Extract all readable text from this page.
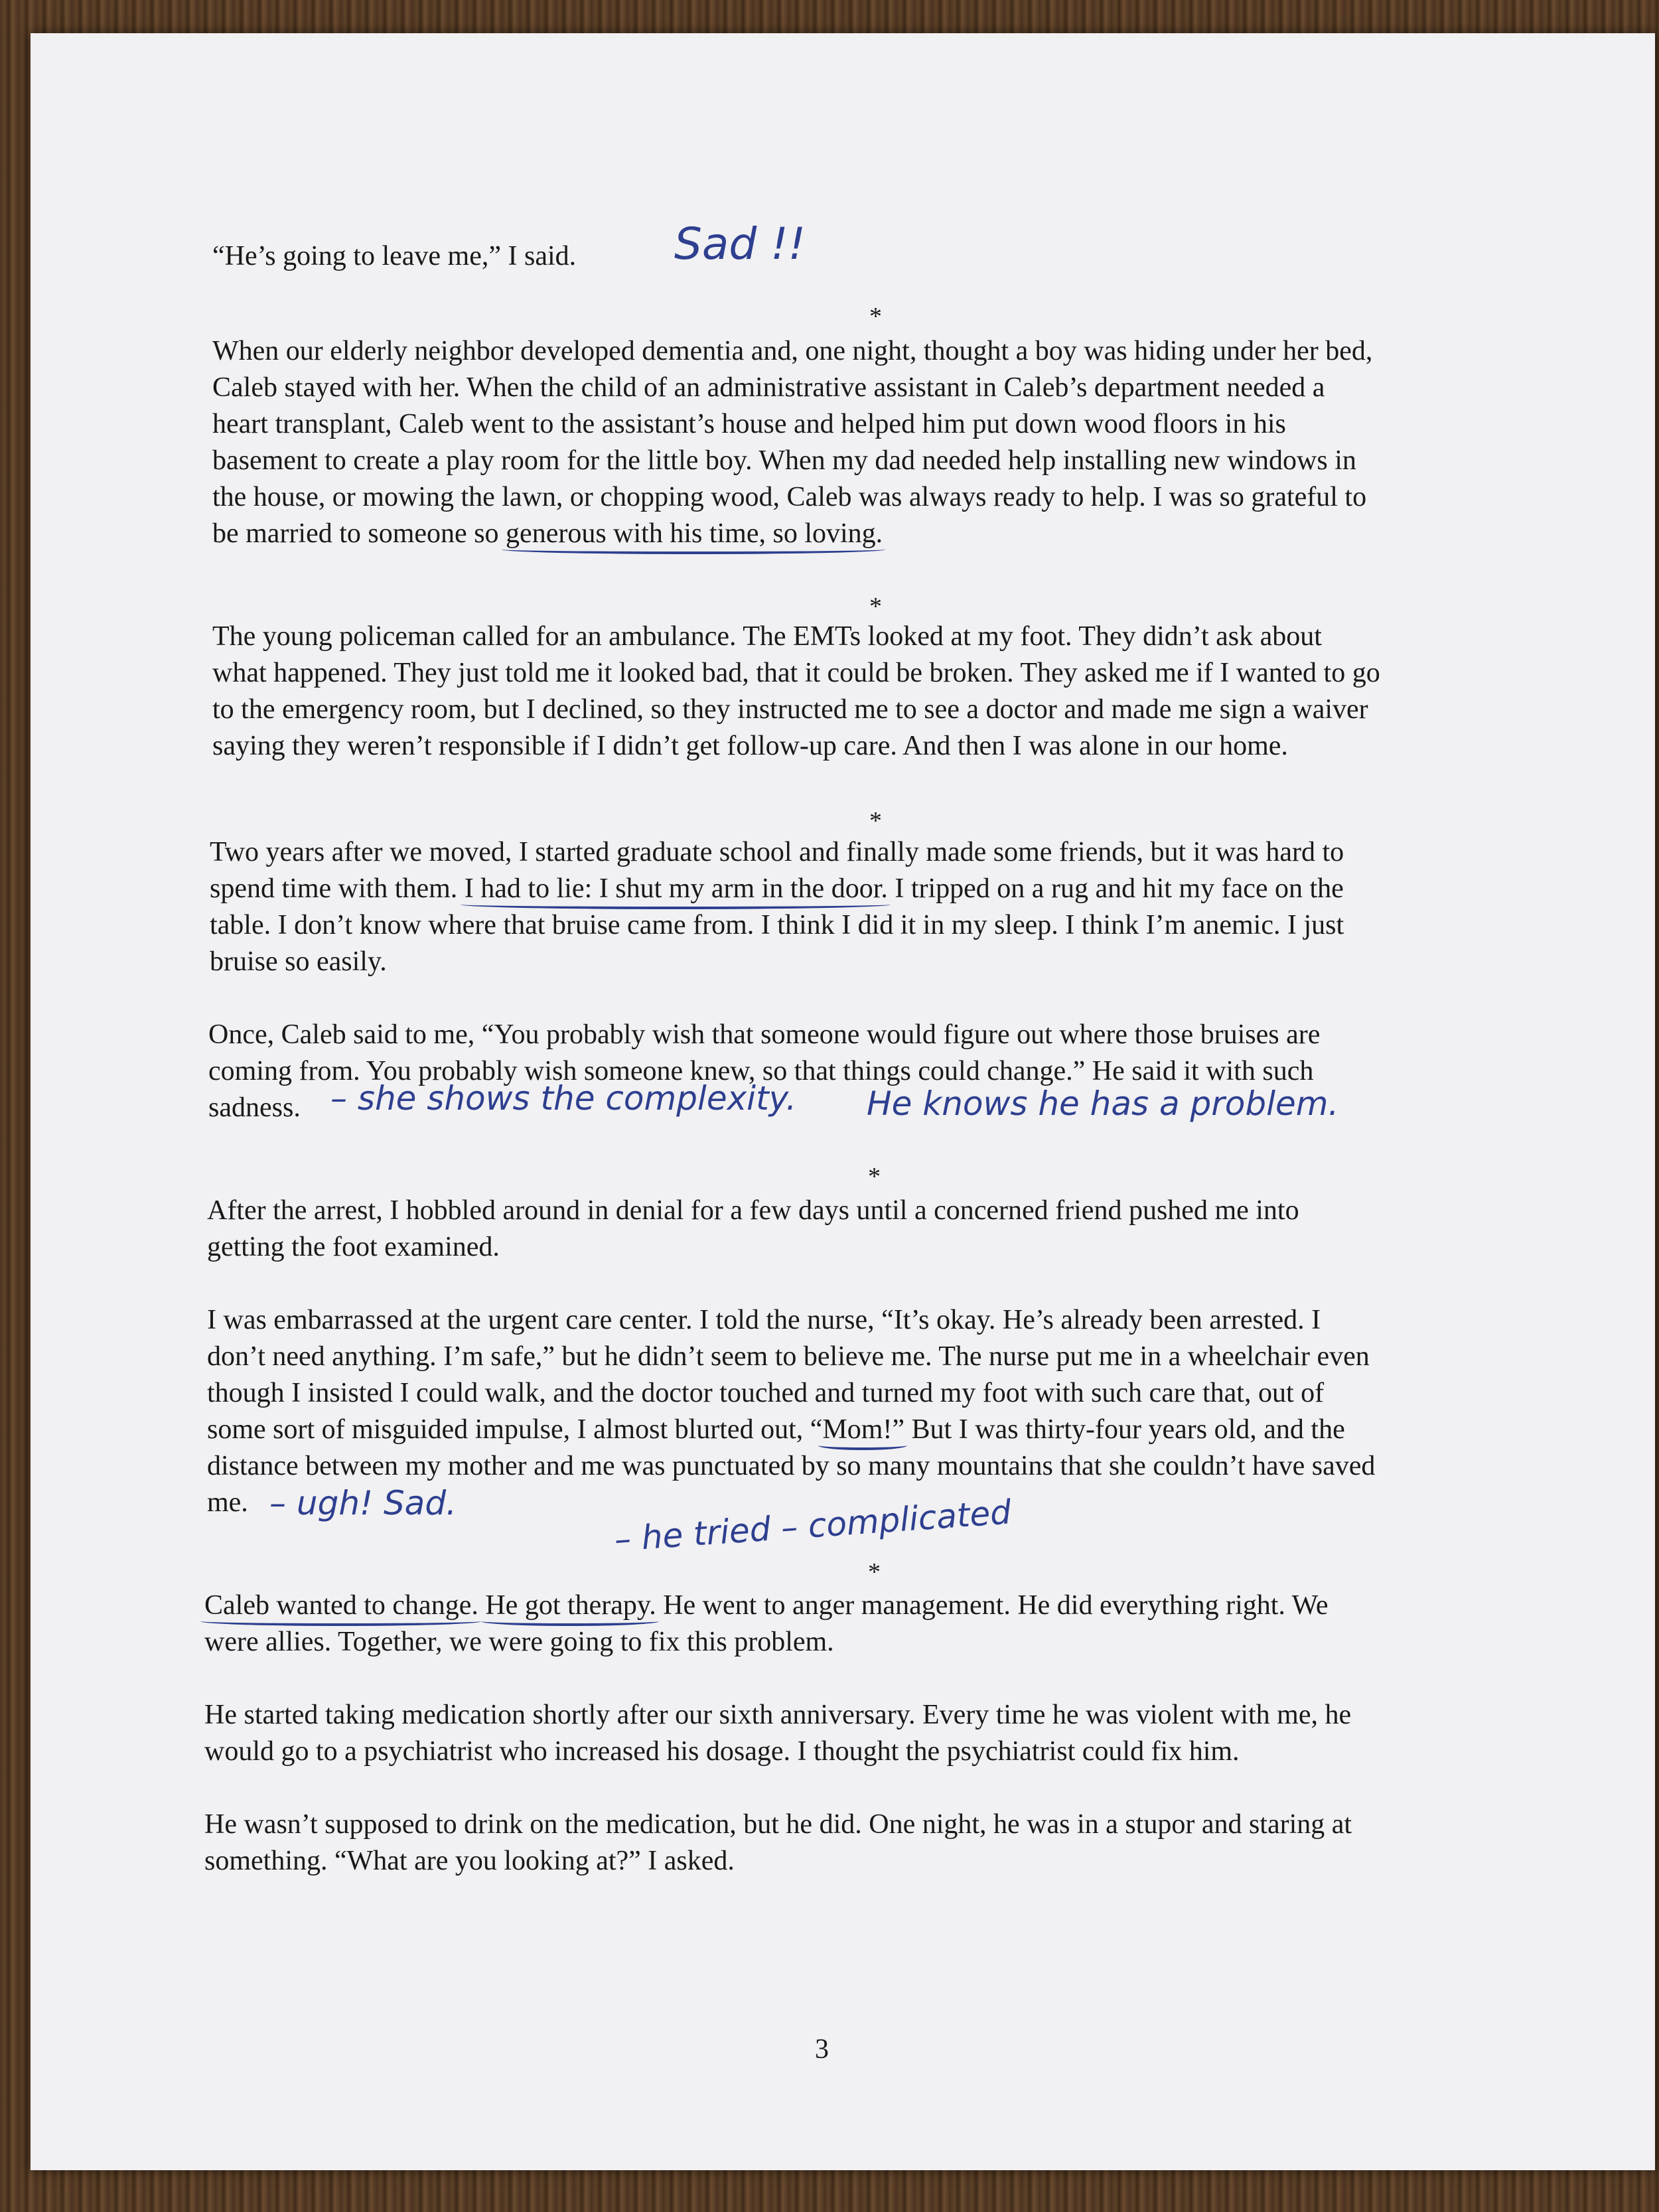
“He’s going to leave me,” I said. Sad !!

*

When our elderly neighbor developed dementia and, one night, thought a boy was hiding under her bed,

Caleb stayed with her. When the child of an administrative assistant in Caleb’s department needed a

heart transplant, Caleb went to the assistant’s house and helped him put down wood floors in his

basement to create a play room for the little boy. When my dad needed help installing new windows in

the house, or mowing the lawn, or chopping wood, Caleb was always ready to help. I was so grateful to

be married to someone so generous with his time, so loving.

*

The young policeman called for an ambulance. The EMTs looked at my foot. They didn’t ask about

what happened. They just told me it looked bad, that it could be broken. They asked me if I wanted to go

to the emergency room, but I declined, so they instructed me to see a doctor and made me sign a waiver

saying they weren’t responsible if I didn’t get follow-up care. And then I was alone in our home.

*

Two years after we moved, I started graduate school and finally made some friends, but it was hard to

spend time with them. I had to lie: I shut my arm in the door. I tripped on a rug and hit my face on the

table. I don’t know where that bruise came from. I think I did it in my sleep. I think I’m anemic. I just

bruise so easily.

Once, Caleb said to me, “You probably wish that someone would figure out where those bruises are

coming from. You probably wish someone knew, so that things could change.” He said it with such

sadness. – she shows the complexity. He knows he has a problem.

*

After the arrest, I hobbled around in denial for a few days until a concerned friend pushed me into

getting the foot examined.

I was embarrassed at the urgent care center. I told the nurse, “It’s okay. He’s already been arrested. I

don’t need anything. I’m safe,” but he didn’t seem to believe me. The nurse put me in a wheelchair even

though I insisted I could walk, and the doctor touched and turned my foot with such care that, out of

some sort of misguided impulse, I almost blurted out, “Mom!” But I was thirty-four years old, and the

distance between my mother and me was punctuated by so many mountains that she couldn’t have saved

me. – ugh! Sad.	– he tried – complicated

*

Caleb wanted to change. He got therapy. He went to anger management. He did everything right. We

were allies. Together, we were going to fix this problem.

He started taking medication shortly after our sixth anniversary. Every time he was violent with me, he

would go to a psychiatrist who increased his dosage. I thought the psychiatrist could fix him.

He wasn’t supposed to drink on the medication, but he did. One night, he was in a stupor and staring at

something. “What are you looking at?” I asked.

3
